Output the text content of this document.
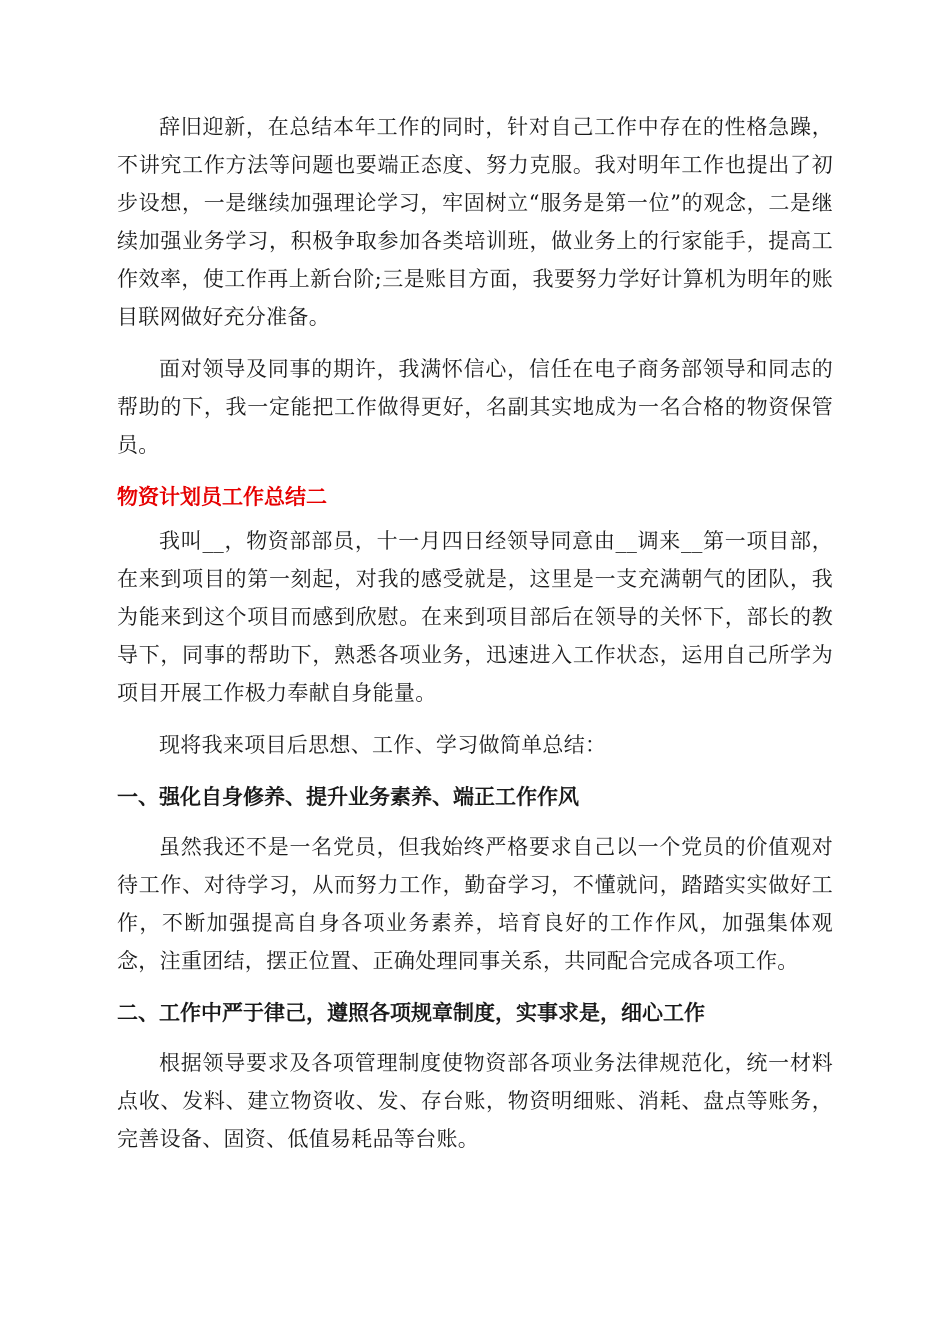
辞旧迎新，在总结本年工作的同时，针对自己工作中存在的性格急躁，不讲究工作方法等问题也要端正态度、努力克服。我对明年工作也提出了初步设想，一是继续加强理论学习，牢固树立“服务是第一位”的观念，二是继续加强业务学习，积极争取参加各类培训班，做业务上的行家能手，提高工作效率，使工作再上新台阶;三是账目方面，我要努力学好计算机为明年的账目联网做好充分准备。

面对领导及同事的期许，我满怀信心，信任在电子商务部领导和同志的帮助的下，我一定能把工作做得更好，名副其实地成为一名合格的物资保管员。

物资计划员工作总结二

我叫__，物资部部员，十一月四日经领导同意由__调来__第一项目部，在来到项目的第一刻起，对我的感受就是，这里是一支充满朝气的团队，我为能来到这个项目而感到欣慰。在来到项目部后在领导的关怀下，部长的教导下，同事的帮助下，熟悉各项业务，迅速进入工作状态，运用自己所学为项目开展工作极力奉献自身能量。

现将我来项目后思想、工作、学习做简单总结：

一、强化自身修养、提升业务素养、端正工作作风

虽然我还不是一名党员，但我始终严格要求自己以一个党员的价值观对待工作、对待学习，从而努力工作，勤奋学习，不懂就问，踏踏实实做好工作，不断加强提高自身各项业务素养，培育良好的工作作风，加强集体观念，注重团结，摆正位置、正确处理同事关系，共同配合完成各项工作。

二、工作中严于律己，遵照各项规章制度，实事求是，细心工作

根据领导要求及各项管理制度使物资部各项业务法律规范化，统一材料点收、发料、建立物资收、发、存台账，物资明细账、消耗、盘点等账务，完善设备、固资、低值易耗品等台账。
